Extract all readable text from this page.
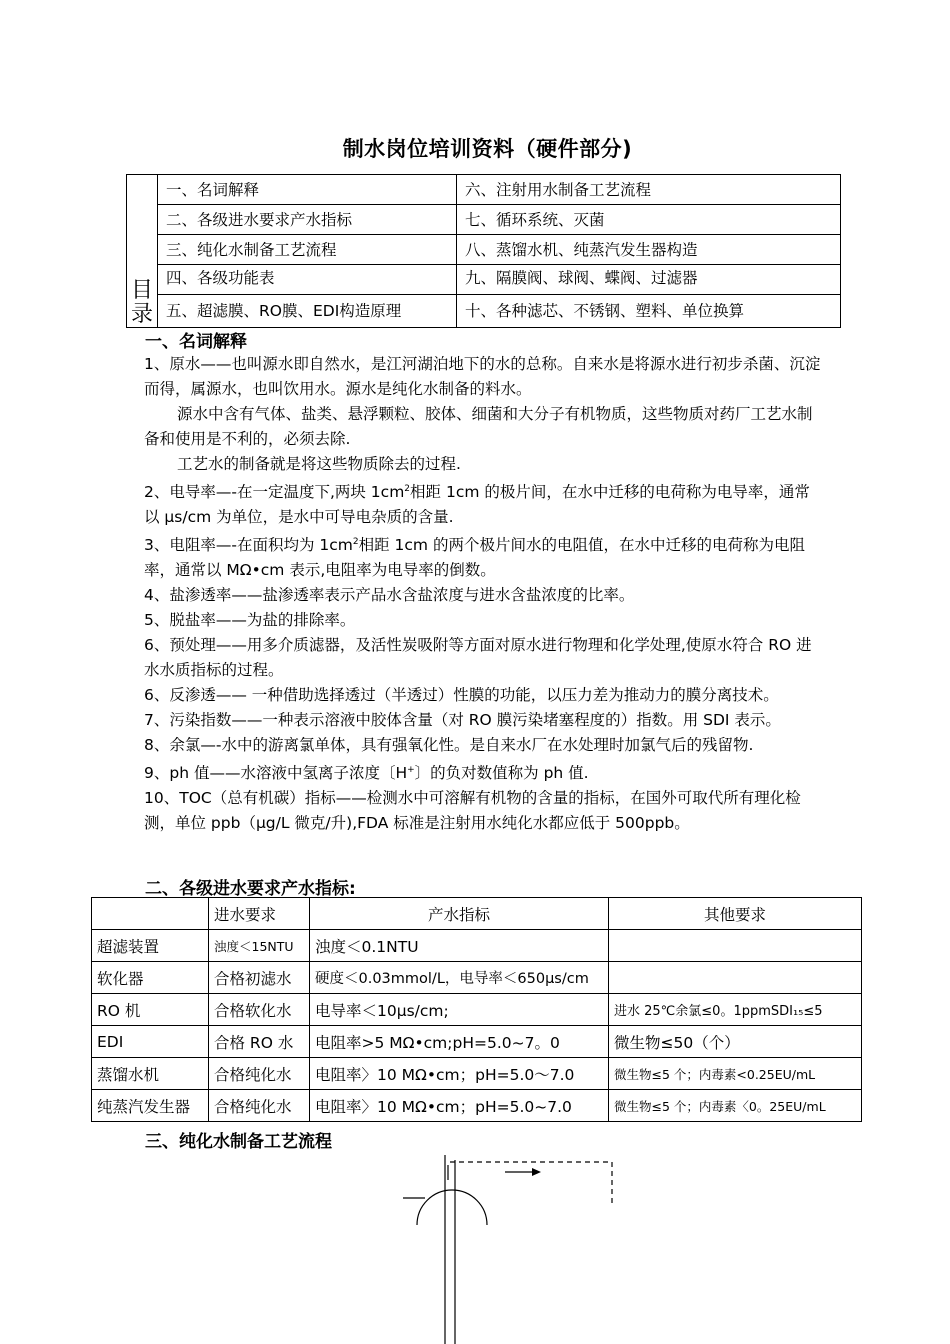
制水岗位培训资料（硬件部分)
目
录	一、名词解释	六、注射用水制备工艺流程
	二、各级进水要求产水指标	七、循环系统、灭菌
	三、纯化水制备工艺流程	八、蒸馏水机、纯蒸汽发生器构造
	四、各级功能表	九、隔膜阀、球阀、蝶阀、过滤器
	五、超滤膜、RO膜、EDI构造原理	十、各种滤芯、不锈钢、塑料、单位换算
一、名词解释

1、原水——也叫源水即自然水，是江河湖泊地下的水的总称。自来水是将源水进行初步杀菌、沉淀而得，属源水，也叫饮用水。源水是纯化水制备的料水。

源水中含有气体、盐类、悬浮颗粒、胶体、细菌和大分子有机物质，这些物质对药厂工艺水制备和使用是不利的，必须去除.

工艺水的制备就是将这些物质除去的过程.

2、电导率—-在一定温度下,两块 $1cm^2$相距 1cm 的极片间，在水中迁移的电荷称为电导率，通常以 μs/cm 为单位，是水中可导电杂质的含量.

3、电阻率—-在面积均为 $1cm^2$相距 1cm 的两个极片间水的电阻值，在水中迁移的电荷称为电阻率，通常以 MΩ•cm 表示,电阻率为电导率的倒数。

4、盐渗透率——盐渗透率表示产品水含盐浓度与进水含盐浓度的比率。

5、脱盐率——为盐的排除率。

6、预处理——用多介质滤器，及活性炭吸附等方面对原水进行物理和化学处理,使原水符合 RO 进水水质指标的过程。

6、反渗透—— 一种借助选择透过（半透过）性膜的功能，以压力差为推动力的膜分离技术。

7、污染指数——一种表示溶液中胶体含量（对 RO 膜污染堵塞程度的）指数。用 SDI 表示。

8、余氯—-水中的游离氯单体，具有强氧化性。是自来水厂在水处理时加氯气后的残留物.

9、ph 值——水溶液中氢离子浓度〔H+〕的负对数值称为 ph 值.

10、TOC（总有机碳）指标——检测水中可溶解有机物的含量的指标，在国外可取代所有理化检测，单位 ppb（μg/L 微克/升),FDA 标准是注射用水纯化水都应低于 500ppb。

二、各级进水要求产水指标:
	进水要求	产水指标	其他要求
超滤装置	浊度＜15NTU	浊度＜0.1NTU	
软化器	合格初滤水	硬度＜0.03mmol/L，电导率＜650μs/cm	
RO 机	合格软化水	电导率＜10μs/cm;	进水 25℃余氯≤0。1ppmSDI₁₅≤5
EDI	合格 RO 水	电阻率>5 MΩ•cm;pH=5.0~7。0	微生物≤50（个）
蒸馏水机	合格纯化水	电阻率〉10 MΩ•cm；pH=5.0～7.0	微生物≤5 个；内毒素<0.25EU/mL
纯蒸汽发生器	合格纯化水	电阻率〉10 MΩ•cm；pH=5.0~7.0	微生物≤5 个；内毒素〈0。25EU/mL
三、纯化水制备工艺流程
